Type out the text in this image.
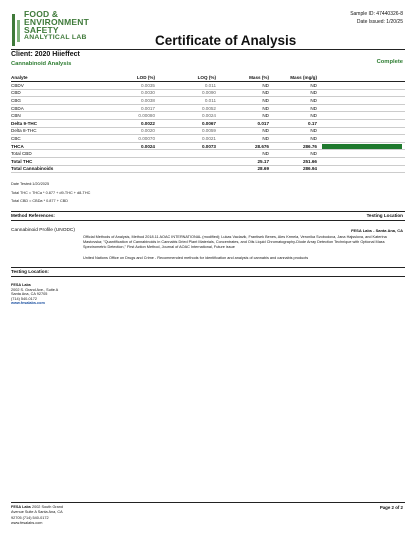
FOOD &
ENVIRONMENT
SAFETY
ANALYTICAL LAB
Sample ID: 47440326-8
Date Issued: 1/20/25
Certificate of Analysis
Client: 2020 Hiieffect
Cannabinoid Analysis	Complete
Analyte	LOD (%)	LOQ (%)	Mass (%)	Mass (mg/g)	
CBDV	0.0035	0.011	ND	ND	
CBD	0.0030	0.0090	ND	ND	
CBG	0.0038	0.011	ND	ND	
CBDA	0.0017	0.0052	ND	ND	
CBN	0.00080	0.0024	ND	ND	
Delta 9-THC	0.0022	0.0067	0.017	0.17	
Delta 8-THC	0.0020	0.0059	ND	ND	
CBC	0.00070	0.0021	ND	ND	
THCA	0.0024	0.0073	28.676	286.76	
Total CBD			ND	ND	
Total THC			25.17	251.66	
Total Cannabinoids			28.69	286.94	
Date Tested:1/20/2025
Total THC = THCa * 0.877 + d9-THC + d8-THC
Total CBD = CBDa * 0.877 + CBD
Method References:	Testing Location
Cannabinoid Profile (UNODC)	FESA Labs - Santa Ana, CA
Official Methods of Analysis, Method 2018.11 AOAC INTERNATIONAL (modified); Lukas Vaclavik, Frantisek Benes, Ales Krmela, Veronika Svobodova, Jana Hajsslova, and Katerina Mastovska; "Quantification of Cannabinoids in Cannabis Dried Plant Materials, Concentrates, and Oils Liquid Chromatography-Diode Array Detection Technique with Optional Mass Spectrometric Detection," First Action Method, Journal of AOAC International, Future issue
United Nations Office on Drugs and Crime - Recommended methods for identification and analysis of cannabis and cannabis products
Testing Location:
FESA Labs
2002 S. Grand Ave., Suite A
Santa Ana, CA 92705
(714) 540-0172
www.fesalabs.com
FESA Labs 2002 South Grand
Avenue Suite A Santa Ana, CA
92705 (714) 540-0172
www.fesalabs.com
Page 2 of 2
